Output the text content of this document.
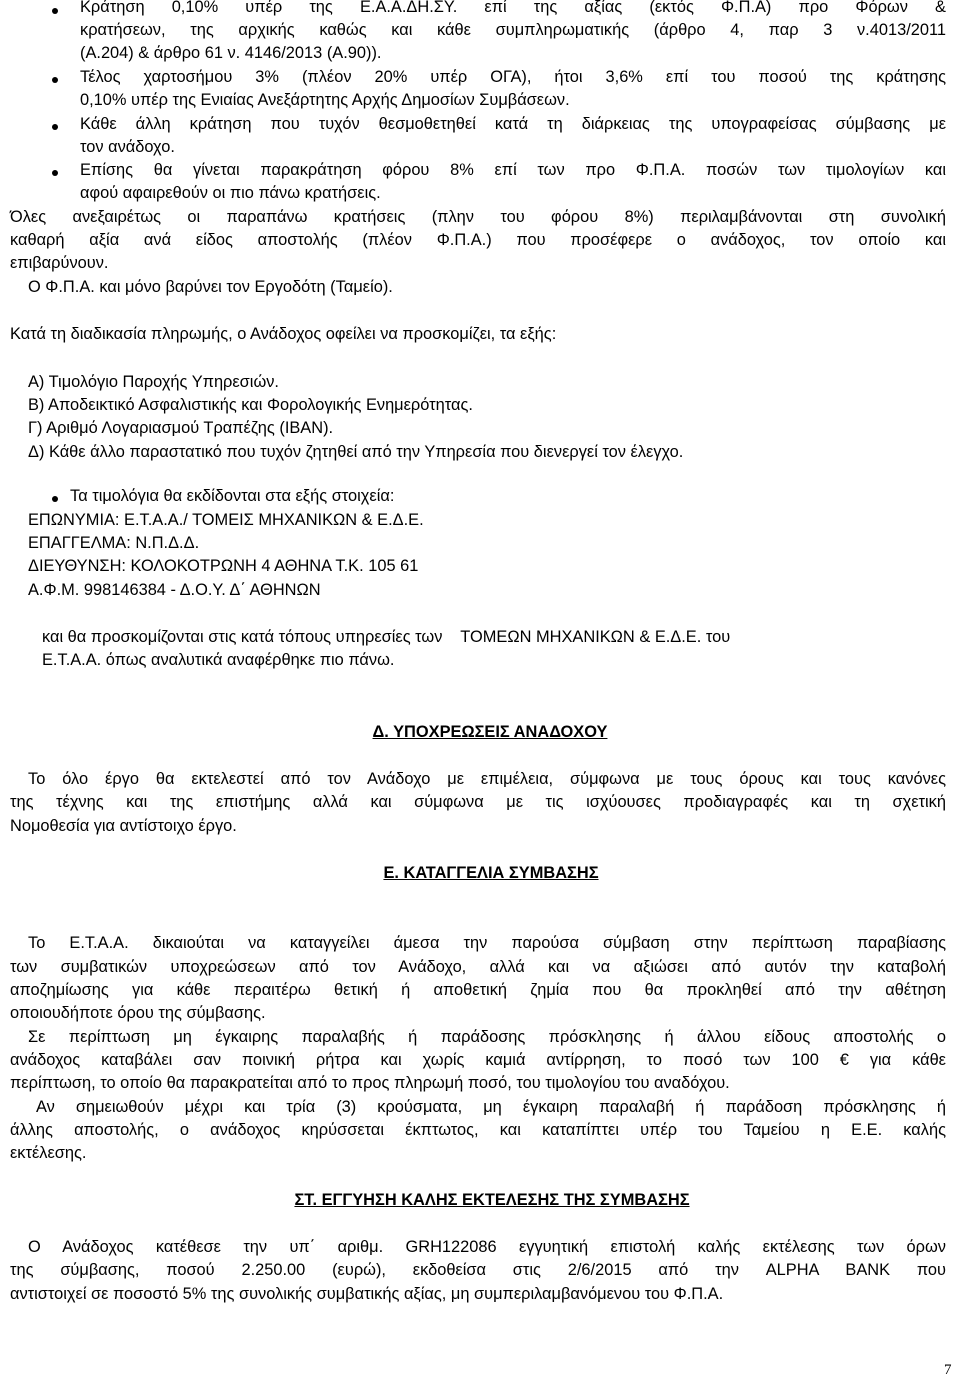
Κράτηση 0,10% υπέρ της Ε.Α.Α.ΔΗ.ΣΥ. επί της αξίας (εκτός Φ.Π.Α) προ Φόρων &
κρατήσεων, της αρχικής καθώς και κάθε συμπληρωματικής (άρθρο 4, παρ 3 ν.4013/2011
(Α.204) & άρθρο 61 ν. 4146/2013 (Α.90)).
Τέλος χαρτοσήμου 3% (πλέον 20% υπέρ ΟΓΑ), ήτοι 3,6% επί του ποσού της κράτησης
0,10% υπέρ της Ενιαίας Ανεξάρτητης Αρχής Δημοσίων Συμβάσεων.
Κάθε άλλη κράτηση που τυχόν θεσμοθετηθεί κατά τη διάρκειας της υπογραφείσας σύμβασης με
τον ανάδοχο.
Επίσης θα γίνεται παρακράτηση φόρου 8% επί των προ Φ.Π.Α. ποσών των τιμολογίων και
αφού αφαιρεθούν οι πιο πάνω κρατήσεις.
Όλες ανεξαιρέτως οι παραπάνω κρατήσεις (πλην του φόρου 8%) περιλαμβάνονται στη συνολική
καθαρή αξία ανά είδος αποστολής (πλέον Φ.Π.Α.) που προσέφερε ο ανάδοχος, τον οποίο και
επιβαρύνουν.
Ο Φ.Π.Α. και μόνο βαρύνει τον Εργοδότη (Ταμείο).
Κατά τη διαδικασία πληρωμής, ο Ανάδοχος οφείλει να προσκομίζει, τα εξής:
Α) Τιμολόγιο Παροχής Υπηρεσιών.
Β) Αποδεικτικό Ασφαλιστικής και Φορολογικής Ενημερότητας.
Γ) Αριθμό Λογαριασμού Τραπέζης (IBAN).
Δ) Κάθε άλλο παραστατικό που τυχόν ζητηθεί από την Υπηρεσία που διενεργεί τον έλεγχο.
Τα τιμολόγια θα εκδίδονται στα εξής στοιχεία:
ΕΠΩΝΥΜΙΑ: Ε.Τ.Α.Α./ ΤΟΜΕΙΣ ΜΗΧΑΝΙΚΩΝ & Ε.Δ.Ε.
ΕΠΑΓΓΕΛΜΑ: Ν.Π.Δ.Δ.
ΔΙΕΥΘΥΝΣΗ: ΚΟΛΟΚΟΤΡΩΝΗ 4 ΑΘΗΝΑ Τ.Κ. 105 61
Α.Φ.Μ. 998146384 - Δ.Ο.Υ. Δ΄ ΑΘΗΝΩΝ
και θα προσκομίζονται στις κατά τόπους υπηρεσίες των    ΤΟΜΕΩΝ ΜΗΧΑΝΙΚΩΝ & Ε.Δ.Ε. του
Ε.Τ.Α.Α. όπως αναλυτικά αναφέρθηκε πιο πάνω.
Δ. ΥΠΟΧΡΕΩΣΕΙΣ ΑΝΑΔΟΧΟΥ
Το όλο έργο θα εκτελεστεί από τον Ανάδοχο με επιμέλεια, σύμφωνα με τους όρους και τους κανόνες
της τέχνης και της επιστήμης αλλά και σύμφωνα με τις ισχύουσες προδιαγραφές και τη σχετική
Νομοθεσία για αντίστοιχο έργο.
Ε. ΚΑΤΑΓΓΕΛΙΑ ΣΥΜΒΑΣΗΣ
Το Ε.Τ.Α.Α. δικαιούται να καταγγείλει άμεσα την παρούσα σύμβαση στην περίπτωση παραβίασης
των συμβατικών υποχρεώσεων από τον Ανάδοχο, αλλά και να αξιώσει από αυτόν την καταβολή
αποζημίωσης για κάθε περαιτέρω θετική ή αποθετική ζημία που θα προκληθεί από την αθέτηση
οποιουδήποτε όρου της σύμβασης.
Σε περίπτωση μη έγκαιρης παραλαβής ή παράδοσης πρόσκλησης ή άλλου είδους αποστολής ο
ανάδοχος καταβάλει σαν ποινική ρήτρα και χωρίς καμιά αντίρρηση, το ποσό των 100 € για κάθε
περίπτωση, το οποίο θα παρακρατείται από το προς πληρωμή ποσό, του τιμολογίου του αναδόχου.
Αν σημειωθούν μέχρι και τρία (3) κρούσματα, μη έγκαιρη παραλαβή ή παράδοση πρόσκλησης ή
άλλης αποστολής, ο ανάδοχος κηρύσσεται έκπτωτος, και καταπίπτει υπέρ του Ταμείου η Ε.Ε. καλής
εκτέλεσης.
ΣΤ. ΕΓΓΥΗΣΗ ΚΑΛΗΣ ΕΚΤΕΛΕΣΗΣ ΤΗΣ ΣΥΜΒΑΣΗΣ
Ο Ανάδοχος κατέθεσε την υπ΄ αριθμ. GRH122086 εγγυητική επιστολή καλής εκτέλεσης των όρων
της σύμβασης, ποσού 2.250.00 (ευρώ), εκδοθείσα στις 2/6/2015 από την ALPHA BANK που
αντιστοιχεί σε ποσοστό 5% της συνολικής συμβατικής αξίας, μη συμπεριλαμβανόμενου του Φ.Π.Α.
7
